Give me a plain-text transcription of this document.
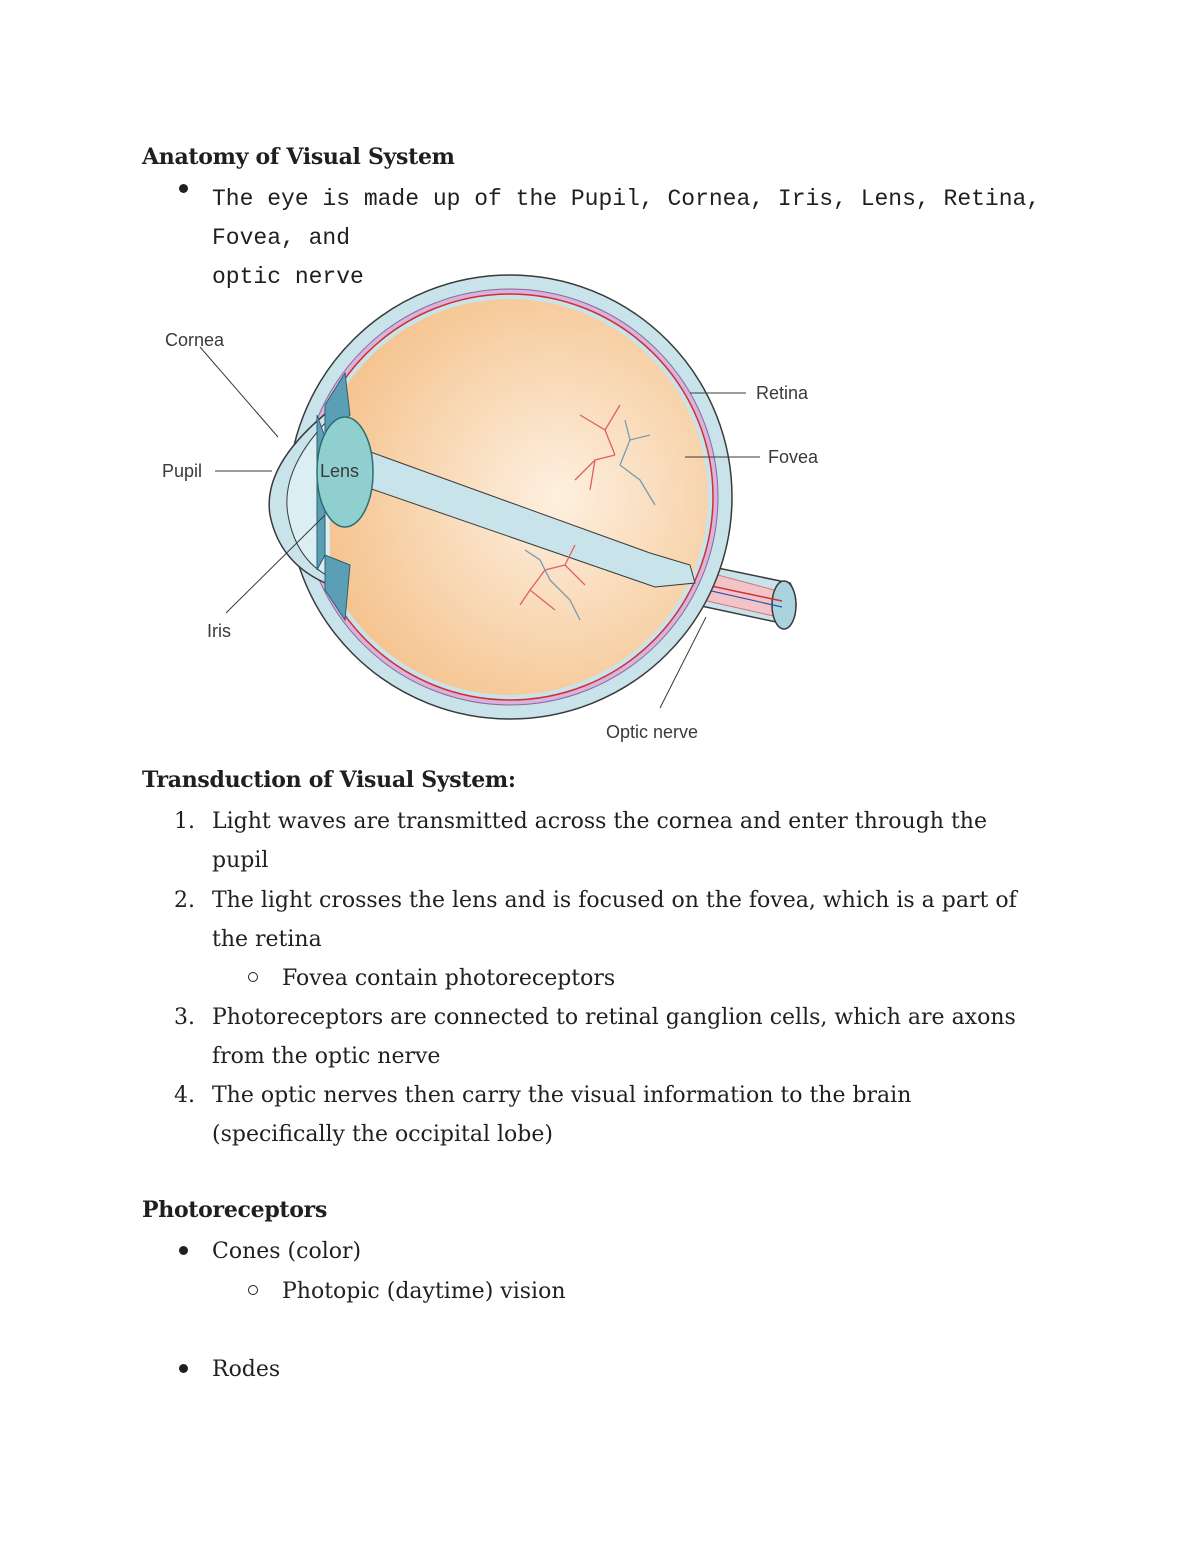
Anatomy of Visual System
The eye is made up of the Pupil, Cornea, Iris, Lens, Retina, Fovea, and
optic nerve
Cornea
Pupil	Lens
Iris
Retina
Fovea
Optic nerve
Transduction of Visual System:
1. Light waves are transmitted across the cornea and enter through the
pupil
2. The light crosses the lens and is focused on the fovea, which is a part of
the retina
Fovea contain photoreceptors
3. Photoreceptors are connected to retinal ganglion cells, which are axons
from the optic nerve
4. The optic nerves then carry the visual information to the brain
(specifically the occipital lobe)
Photoreceptors
Cones (color)
Photopic (daytime) vision
Rodes
